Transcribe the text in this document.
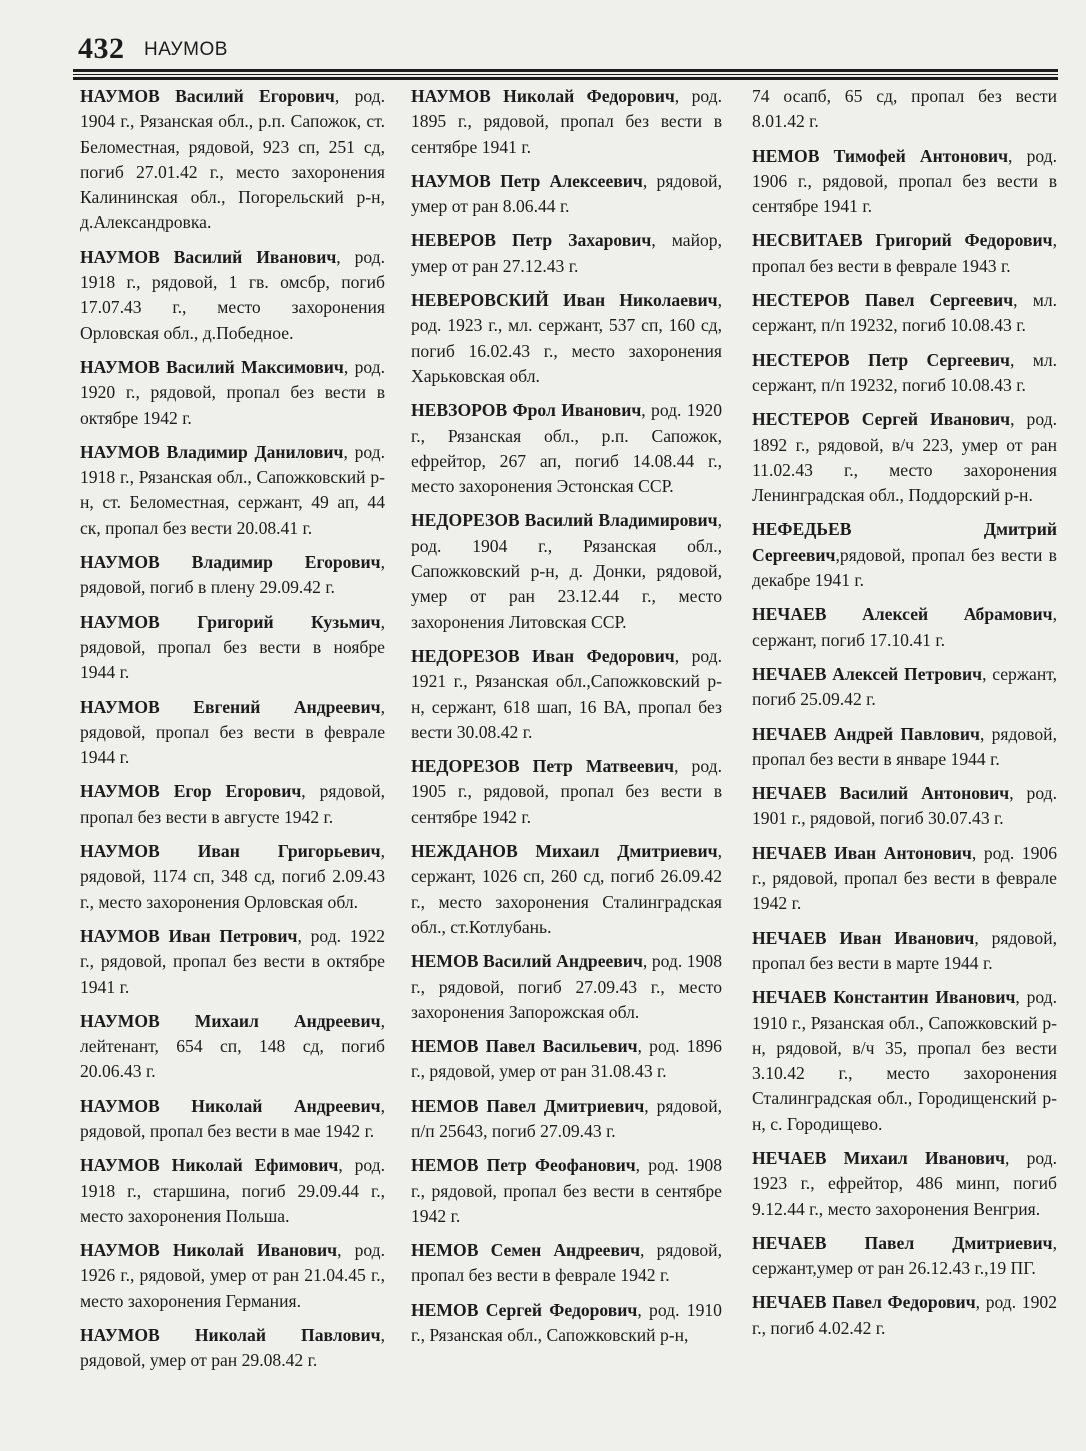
432 НАУМОВ

НАУМОВ Василий Егорович, род. 1904 г., Рязанская обл., р.п. Сапожок, ст. Беломестная, рядовой, 923 сп, 251 сд, погиб 27.01.42 г., место захоронения Калининская обл., Погорельский р-н, д.Александровка.

НАУМОВ Василий Иванович, род. 1918 г., рядовой, 1 гв. омсбр, погиб 17.07.43 г., место захоронения Орловская обл., д.Победное.

НАУМОВ Василий Максимович, род. 1920 г., рядовой, пропал без вести в октябре 1942 г.

НАУМОВ Владимир Данилович, род. 1918 г., Рязанская обл., Сапожковский р-н, ст. Беломестная, сержант, 49 ап, 44 ск, пропал без вести 20.08.41 г.

НАУМОВ Владимир Егорович, рядовой, погиб в плену 29.09.42 г.

НАУМОВ Григорий Кузьмич, рядовой, пропал без вести в ноябре 1944 г.

НАУМОВ Евгений Андреевич, рядовой, пропал без вести в феврале 1944 г.

НАУМОВ Егор Егорович, рядовой, пропал без вести в августе 1942 г.

НАУМОВ Иван Григорьевич, рядовой, 1174 сп, 348 сд, погиб 2.09.43 г., место захоронения Орловская обл.

НАУМОВ Иван Петрович, род. 1922 г., рядовой, пропал без вести в октябре 1941 г.

НАУМОВ Михаил Андреевич, лейтенант, 654 сп, 148 сд, погиб 20.06.43 г.

НАУМОВ Николай Андреевич, рядовой, пропал без вести в мае 1942 г.

НАУМОВ Николай Ефимович, род. 1918 г., старшина, погиб 29.09.44 г., место захоронения Польша.

НАУМОВ Николай Иванович, род. 1926 г., рядовой, умер от ран 21.04.45 г., место захоронения Германия.

НАУМОВ Николай Павлович, рядовой, умер от ран 29.08.42 г.

НАУМОВ Николай Федорович, род. 1895 г., рядовой, пропал без вести в сентябре 1941 г.

НАУМОВ Петр Алексеевич, рядовой, умер от ран 8.06.44 г.

НЕВЕРОВ Петр Захарович, майор, умер от ран 27.12.43 г.

НЕВЕРОВСКИЙ Иван Николаевич, род. 1923 г., мл. сержант, 537 сп, 160 сд, погиб 16.02.43 г., место захоронения Харьковская обл.

НЕВЗОРОВ Фрол Иванович, род. 1920 г., Рязанская обл., р.п. Сапожок, ефрейтор, 267 ап, погиб 14.08.44 г., место захоронения Эстонская ССР.

НЕДОРЕЗОВ Василий Владимирович, род. 1904 г., Рязанская обл., Сапожковский р-н, д. Донки, рядовой, умер от ран 23.12.44 г., место захоронения Литовская ССР.

НЕДОРЕЗОВ Иван Федорович, род. 1921 г., Рязанская обл.,Сапожковский р-н, сержант, 618 шап, 16 ВА, пропал без вести 30.08.42 г.

НЕДОРЕЗОВ Петр Матвеевич, род. 1905 г., рядовой, пропал без вести в сентябре 1942 г.

НЕЖДАНОВ Михаил Дмитриевич, сержант, 1026 сп, 260 сд, погиб 26.09.42 г., место захоронения Сталинградская обл., ст.Котлубань.

НЕМОВ Василий Андреевич, род. 1908 г., рядовой, погиб 27.09.43 г., место захоронения Запорожская обл.

НЕМОВ Павел Васильевич, род. 1896 г., рядовой, умер от ран 31.08.43 г.

НЕМОВ Павел Дмитриевич, рядовой, п/п 25643, погиб 27.09.43 г.

НЕМОВ Петр Феофанович, род. 1908 г., рядовой, пропал без вести в сентябре 1942 г.

НЕМОВ Семен Андреевич, рядовой, пропал без вести в феврале 1942 г.

НЕМОВ Сергей Федорович, род. 1910 г., Рязанская обл., Сапожковский р-н,

74 осапб, 65 сд, пропал без вести 8.01.42 г.

НЕМОВ Тимофей Антонович, род. 1906 г., рядовой, пропал без вести в сентябре 1941 г.

НЕСВИТАЕВ Григорий Федорович, пропал без вести в феврале 1943 г.

НЕСТЕРОВ Павел Сергеевич, мл. сержант, п/п 19232, погиб 10.08.43 г.

НЕСТЕРОВ Петр Сергеевич, мл. сержант, п/п 19232, погиб 10.08.43 г.

НЕСТЕРОВ Сергей Иванович, род. 1892 г., рядовой, в/ч 223, умер от ран 11.02.43 г., место захоронения Ленинградская обл., Поддорский р-н.

НЕФЕДЬЕВ Дмитрий Сергеевич,рядовой, пропал без вести в декабре 1941 г.

НЕЧАЕВ Алексей Абрамович, сержант, погиб 17.10.41 г.

НЕЧАЕВ Алексей Петрович, сержант, погиб 25.09.42 г.

НЕЧАЕВ Андрей Павлович, рядовой, пропал без вести в январе 1944 г.

НЕЧАЕВ Василий Антонович, род. 1901 г., рядовой, погиб 30.07.43 г.

НЕЧАЕВ Иван Антонович, род. 1906 г., рядовой, пропал без вести в феврале 1942 г.

НЕЧАЕВ Иван Иванович, рядовой, пропал без вести в марте 1944 г.

НЕЧАЕВ Константин Иванович, род. 1910 г., Рязанская обл., Сапожковский р-н, рядовой, в/ч 35, пропал без вести 3.10.42 г., место захоронения Сталинградская обл., Городищенский р-н, с. Городищево.

НЕЧАЕВ Михаил Иванович, род. 1923 г., ефрейтор, 486 минп, погиб 9.12.44 г., место захоронения Венгрия.

НЕЧАЕВ Павел Дмитриевич, сержант,умер от ран 26.12.43 г.,19 ПГ.

НЕЧАЕВ Павел Федорович, род. 1902 г., погиб 4.02.42 г.
